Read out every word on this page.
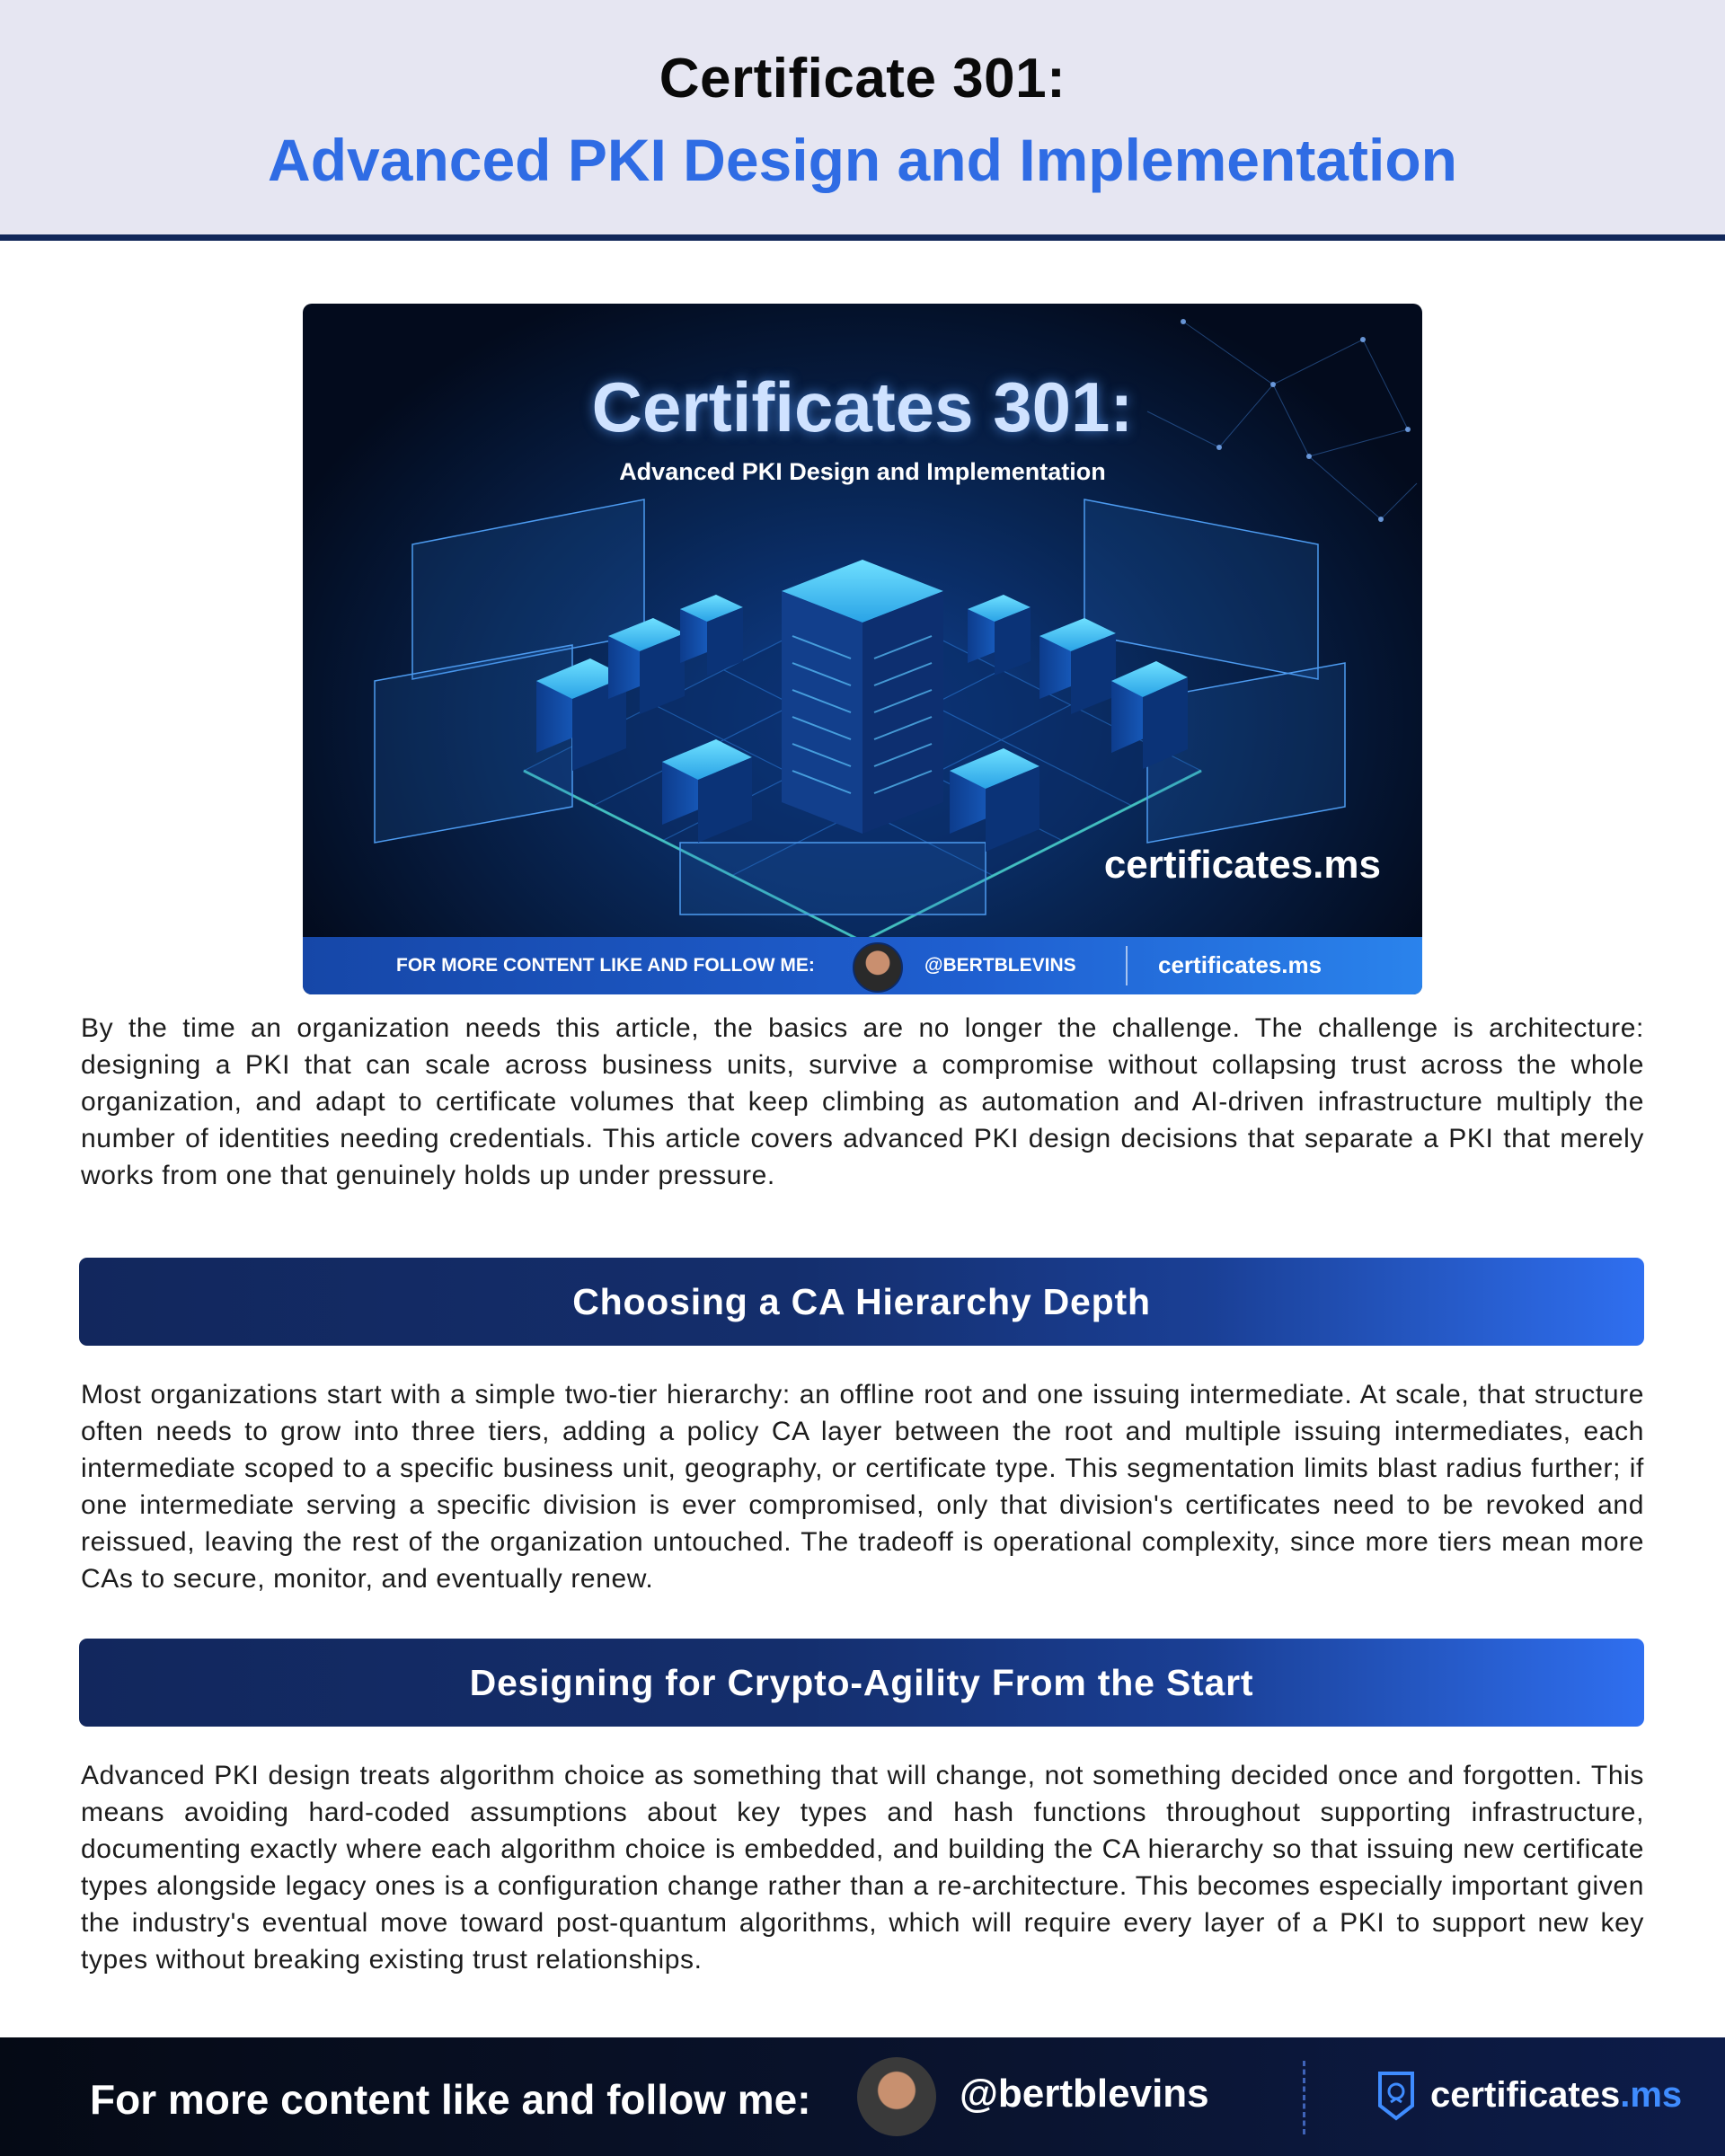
Certificate 301:
Advanced PKI Design and Implementation
Certificates 301:
Advanced PKI Design and Implementation
certificates.ms
FOR MORE CONTENT LIKE AND FOLLOW ME:	@BERTBLEVINS	certificates.ms

By the time an organization needs this article, the basics are no longer the challenge. The challenge is architecture: designing a PKI that can scale across business units, survive a compromise without collapsing trust across the whole organization, and adapt to certificate volumes that keep climbing as automation and AI-driven infrastructure multiply the number of identities needing credentials. This article covers advanced PKI design decisions that separate a PKI that merely works from one that genuinely holds up under pressure.

Choosing a CA Hierarchy Depth

Most organizations start with a simple two-tier hierarchy: an offline root and one issuing intermediate. At scale, that structure often needs to grow into three tiers, adding a policy CA layer between the root and multiple issuing intermediates, each intermediate scoped to a specific business unit, geography, or certificate type. This segmentation limits blast radius further; if one intermediate serving a specific division is ever compromised, only that division's certificates need to be revoked and reissued, leaving the rest of the organization untouched. The tradeoff is operational complexity, since more tiers mean more CAs to secure, monitor, and eventually renew.

Designing for Crypto-Agility From the Start

Advanced PKI design treats algorithm choice as something that will change, not something decided once and forgotten. This means avoiding hard-coded assumptions about key types and hash functions throughout supporting infrastructure, documenting exactly where each algorithm choice is embedded, and building the CA hierarchy so that issuing new certificate types alongside legacy ones is a configuration change rather than a re-architecture. This becomes especially important given the industry's eventual move toward post-quantum algorithms, which will require every layer of a PKI to support new key types without breaking existing trust relationships.

For more content like and follow me:	@bertblevins	certificates.ms
